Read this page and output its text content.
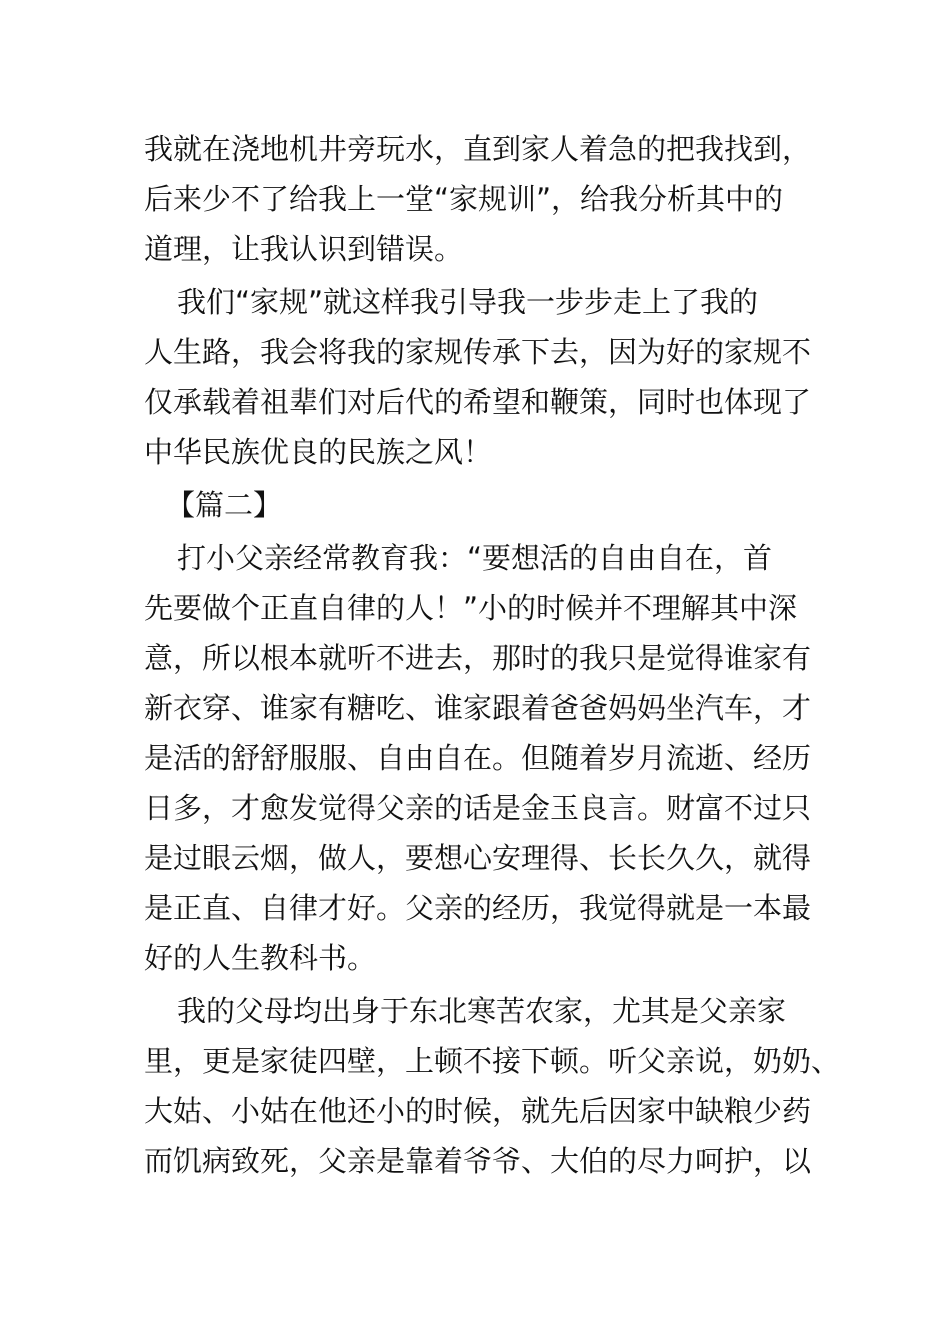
我就在浇地机井旁玩水，直到家人着急的把我找到，
后来少不了给我上一堂“家规训”，给我分析其中的
道理，让我认识到错误。
我们“家规”就这样我引导我一步步走上了我的
人生路，我会将我的家规传承下去，因为好的家规不
仅承载着祖辈们对后代的希望和鞭策，同时也体现了
中华民族优良的民族之风！
【篇二】
打小父亲经常教育我：“要想活的自由自在，首
先要做个正直自律的人！”小的时候并不理解其中深
意，所以根本就听不进去，那时的我只是觉得谁家有
新衣穿、谁家有糖吃、谁家跟着爸爸妈妈坐汽车，才
是活的舒舒服服、自由自在。但随着岁月流逝、经历
日多，才愈发觉得父亲的话是金玉良言。财富不过只
是过眼云烟，做人，要想心安理得、长长久久，就得
是正直、自律才好。父亲的经历，我觉得就是一本最
好的人生教科书。
我的父母均出身于东北寒苦农家，尤其是父亲家
里，更是家徒四壁，上顿不接下顿。听父亲说，奶奶、
大姑、小姑在他还小的时候，就先后因家中缺粮少药
而饥病致死，父亲是靠着爷爷、大伯的尽力呵护，以
